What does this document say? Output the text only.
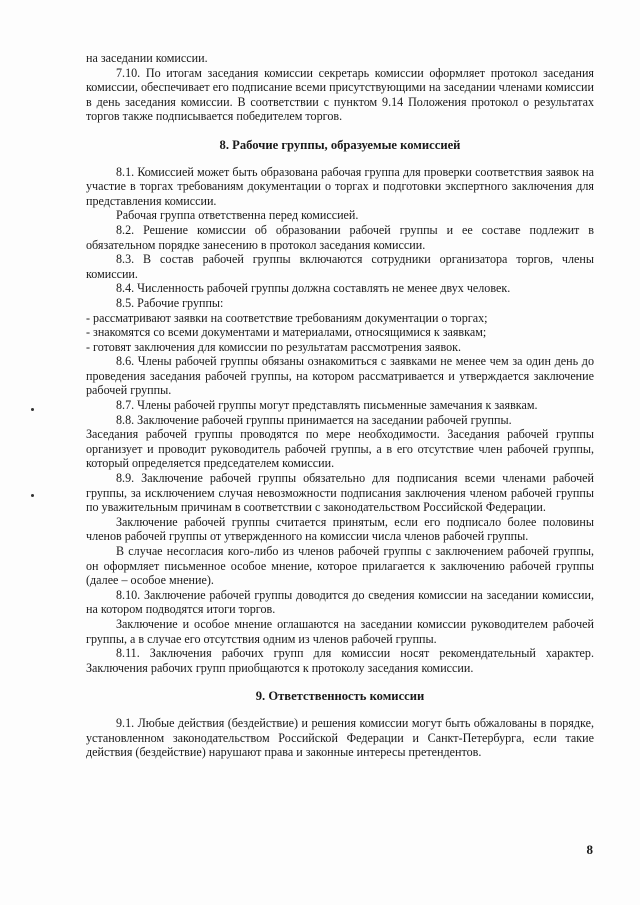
на заседании комиссии.

7.10. По итогам заседания комиссии секретарь комиссии оформляет протокол заседания комиссии, обеспечивает его подписание всеми присутствующими на заседании членами комиссии в день заседания комиссии. В соответствии с пунктом 9.14 Положения протокол о результатах торгов также подписывается победителем торгов.

8. Рабочие группы, образуемые комиссией

8.1. Комиссией может быть образована рабочая группа для проверки соответствия заявок на участие в торгах требованиям документации о торгах и подготовки экспертного заключения для представления комиссии.

Рабочая группа ответственна перед комиссией.

8.2. Решение комиссии об образовании рабочей группы и ее составе подлежит в обязательном порядке занесению в протокол заседания комиссии.

8.3. В состав рабочей группы включаются сотрудники организатора торгов, члены комиссии.

8.4. Численность рабочей группы должна составлять не менее двух человек.

8.5. Рабочие группы:

- рассматривают заявки на соответствие требованиям документации о торгах;

- знакомятся со всеми документами и материалами, относящимися к заявкам;

- готовят заключения для комиссии по результатам рассмотрения заявок.

8.6. Члены рабочей группы обязаны ознакомиться с заявками не менее чем за один день до проведения заседания рабочей группы, на котором рассматривается и утверждается заключение рабочей группы.

8.7. Члены рабочей группы могут представлять письменные замечания к заявкам.

8.8. Заключение рабочей группы принимается на заседании рабочей группы.

Заседания рабочей группы проводятся по мере необходимости. Заседания рабочей группы организует и проводит руководитель рабочей группы, а в его отсутствие член рабочей группы, который определяется председателем комиссии.

8.9. Заключение рабочей группы обязательно для подписания всеми членами рабочей группы, за исключением случая невозможности подписания заключения членом рабочей группы по уважительным причинам в соответствии с законодательством Российской Федерации.

Заключение рабочей группы считается принятым, если его подписало более половины членов рабочей группы от утвержденного на комиссии числа членов рабочей группы.

В случае несогласия кого-либо из членов рабочей группы с заключением рабочей группы, он оформляет письменное особое мнение, которое прилагается к заключению рабочей группы (далее – особое мнение).

8.10. Заключение рабочей группы доводится до сведения комиссии на заседании комиссии, на котором подводятся итоги торгов.

Заключение и особое мнение оглашаются на заседании комиссии руководителем рабочей группы, а в случае его отсутствия одним из членов рабочей группы.

8.11. Заключения рабочих групп для комиссии носят рекомендательный характер. Заключения рабочих групп приобщаются к протоколу заседания комиссии.

9. Ответственность комиссии

9.1. Любые действия (бездействие) и решения комиссии могут быть обжалованы в порядке, установленном законодательством Российской Федерации и Санкт-Петербурга, если такие действия (бездействие) нарушают права и законные интересы претендентов.

8
